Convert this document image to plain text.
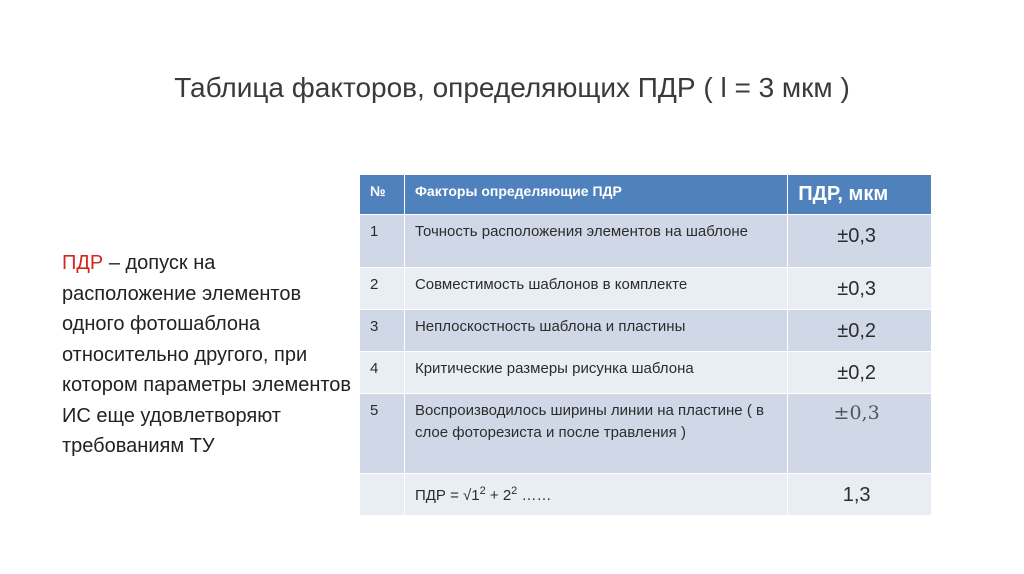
Таблица факторов, определяющих ПДР ( l = 3 мкм )
ПДР – допуск на расположение элементов одного фотошаблона относительно другого, при котором параметры элементов ИС еще удовлетворяют требованиям ТУ
№	Факторы определяющие ПДР	ПДР, мкм
1	Точность расположения элементов на шаблоне	±0,3
2	Совместимость шаблонов в комплекте	±0,3
3	Неплоскостность шаблона и пластины	±0,2
4	Критические размеры рисунка шаблона	±0,2
5	Воспроизводилось ширины линии на пластине ( в слое фоторезиста и после травления )	±0,3
	ПДР = $√1^2 + 2^2$ ……	1,3
